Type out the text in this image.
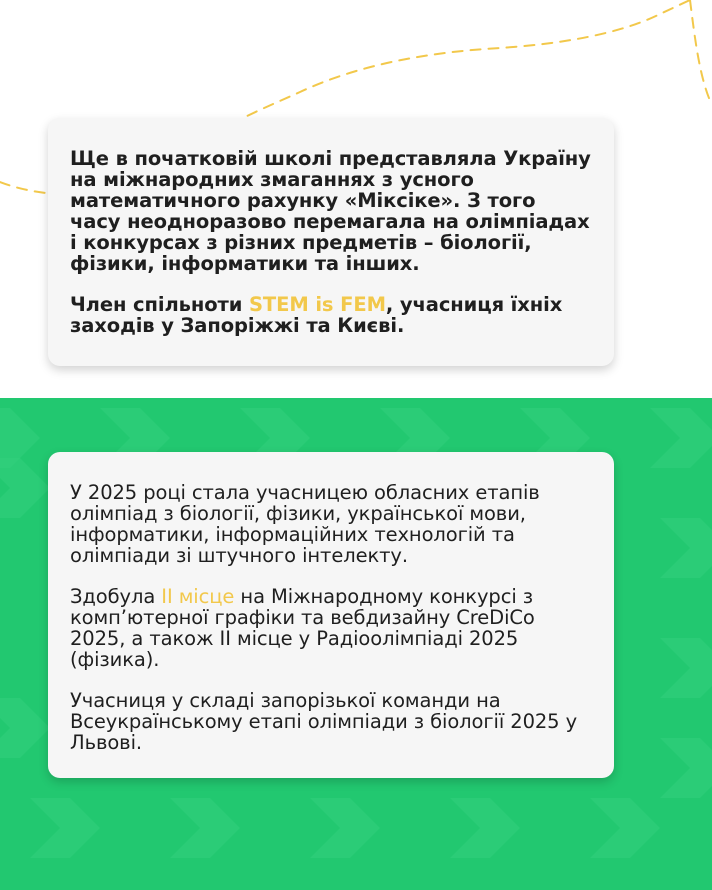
Ще в початковій школі представляла Україну на міжнародних змаганнях з усного математичного рахунку «Міксіке». З того часу неодноразово перемагала на олімпіадах і конкурсах з різних предметів – біології, фізики, інформатики та інших.

Член спільноти STEM is FEM, учасниця їхніх заходів у Запоріжжі та Києві.

У 2025 році стала учасницею обласних етапів олімпіад з біології, фізики, української мови, інформатики, інформаційних технологій та олімпіади зі штучного інтелекту.

Здобула ІІ місце на Міжнародному конкурсі з комп’ютерної графіки та вебдизайну CreDiCo 2025, а також ІІ місце у Радіоолімпіаді 2025 (фізика).

Учасниця у складі запорізької команди на Всеукраїнському етапі олімпіади з біології 2025 у Львові.
